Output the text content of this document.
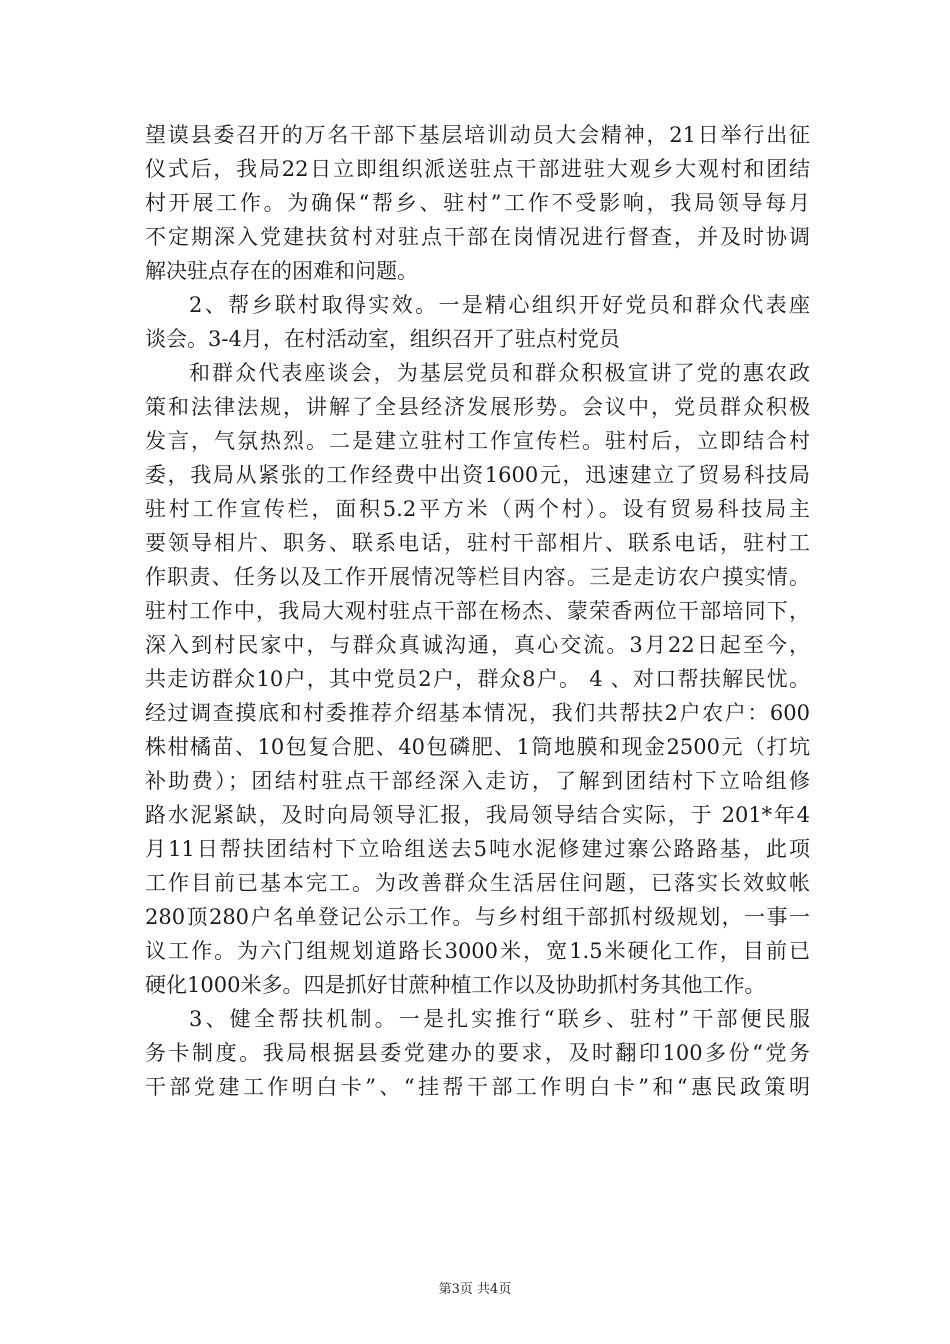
望谟县委召开的万名干部下基层培训动员大会精神，21日举行出征
仪式后，我局22日立即组织派送驻点干部进驻大观乡大观村和团结
村开展工作。为确保“帮乡、驻村”工作不受影响，我局领导每月
不定期深入党建扶贫村对驻点干部在岗情况进行督查，并及时协调
解决驻点存在的困难和问题。
2、帮乡联村取得实效。一是精心组织开好党员和群众代表座
谈会。3-4月，在村活动室，组织召开了驻点村党员
和群众代表座谈会，为基层党员和群众积极宣讲了党的惠农政
策和法律法规，讲解了全县经济发展形势。会议中，党员群众积极
发言，气氛热烈。二是建立驻村工作宣传栏。驻村后，立即结合村
委，我局从紧张的工作经费中出资1600元，迅速建立了贸易科技局
驻村工作宣传栏，面积5.2平方米（两个村）。设有贸易科技局主
要领导相片、职务、联系电话，驻村干部相片、联系电话，驻村工
作职责、任务以及工作开展情况等栏目内容。三是走访农户摸实情。
驻村工作中，我局大观村驻点干部在杨杰、蒙荣香两位干部培同下，
深入到村民家中，与群众真诚沟通，真心交流。3月22日起至今，
共走访群众10户，其中党员2户，群众8户。 4 、对口帮扶解民忧。
经过调查摸底和村委推荐介绍基本情况，我们共帮扶2户农户：600
株柑橘苗、10包复合肥、40包磷肥、1筒地膜和现金2500元（打坑
补助费）；团结村驻点干部经深入走访，了解到团结村下立哈组修
路水泥紧缺，及时向局领导汇报，我局领导结合实际，于 201*年4
月11日帮扶团结村下立哈组送去5吨水泥修建过寨公路路基，此项
工作目前已基本完工。为改善群众生活居住问题，已落实长效蚊帐
280顶280户名单登记公示工作。与乡村组干部抓村级规划，一事一
议工作。为六门组规划道路长3000米，宽1.5米硬化工作，目前已
硬化1000米多。四是抓好甘蔗种植工作以及协助抓村务其他工作。
3、健全帮扶机制。一是扎实推行“联乡、驻村”干部便民服
务卡制度。我局根据县委党建办的要求，及时翻印100多份“党务
干部党建工作明白卡”、“挂帮干部工作明白卡”和“惠民政策明
第3页 共4页
